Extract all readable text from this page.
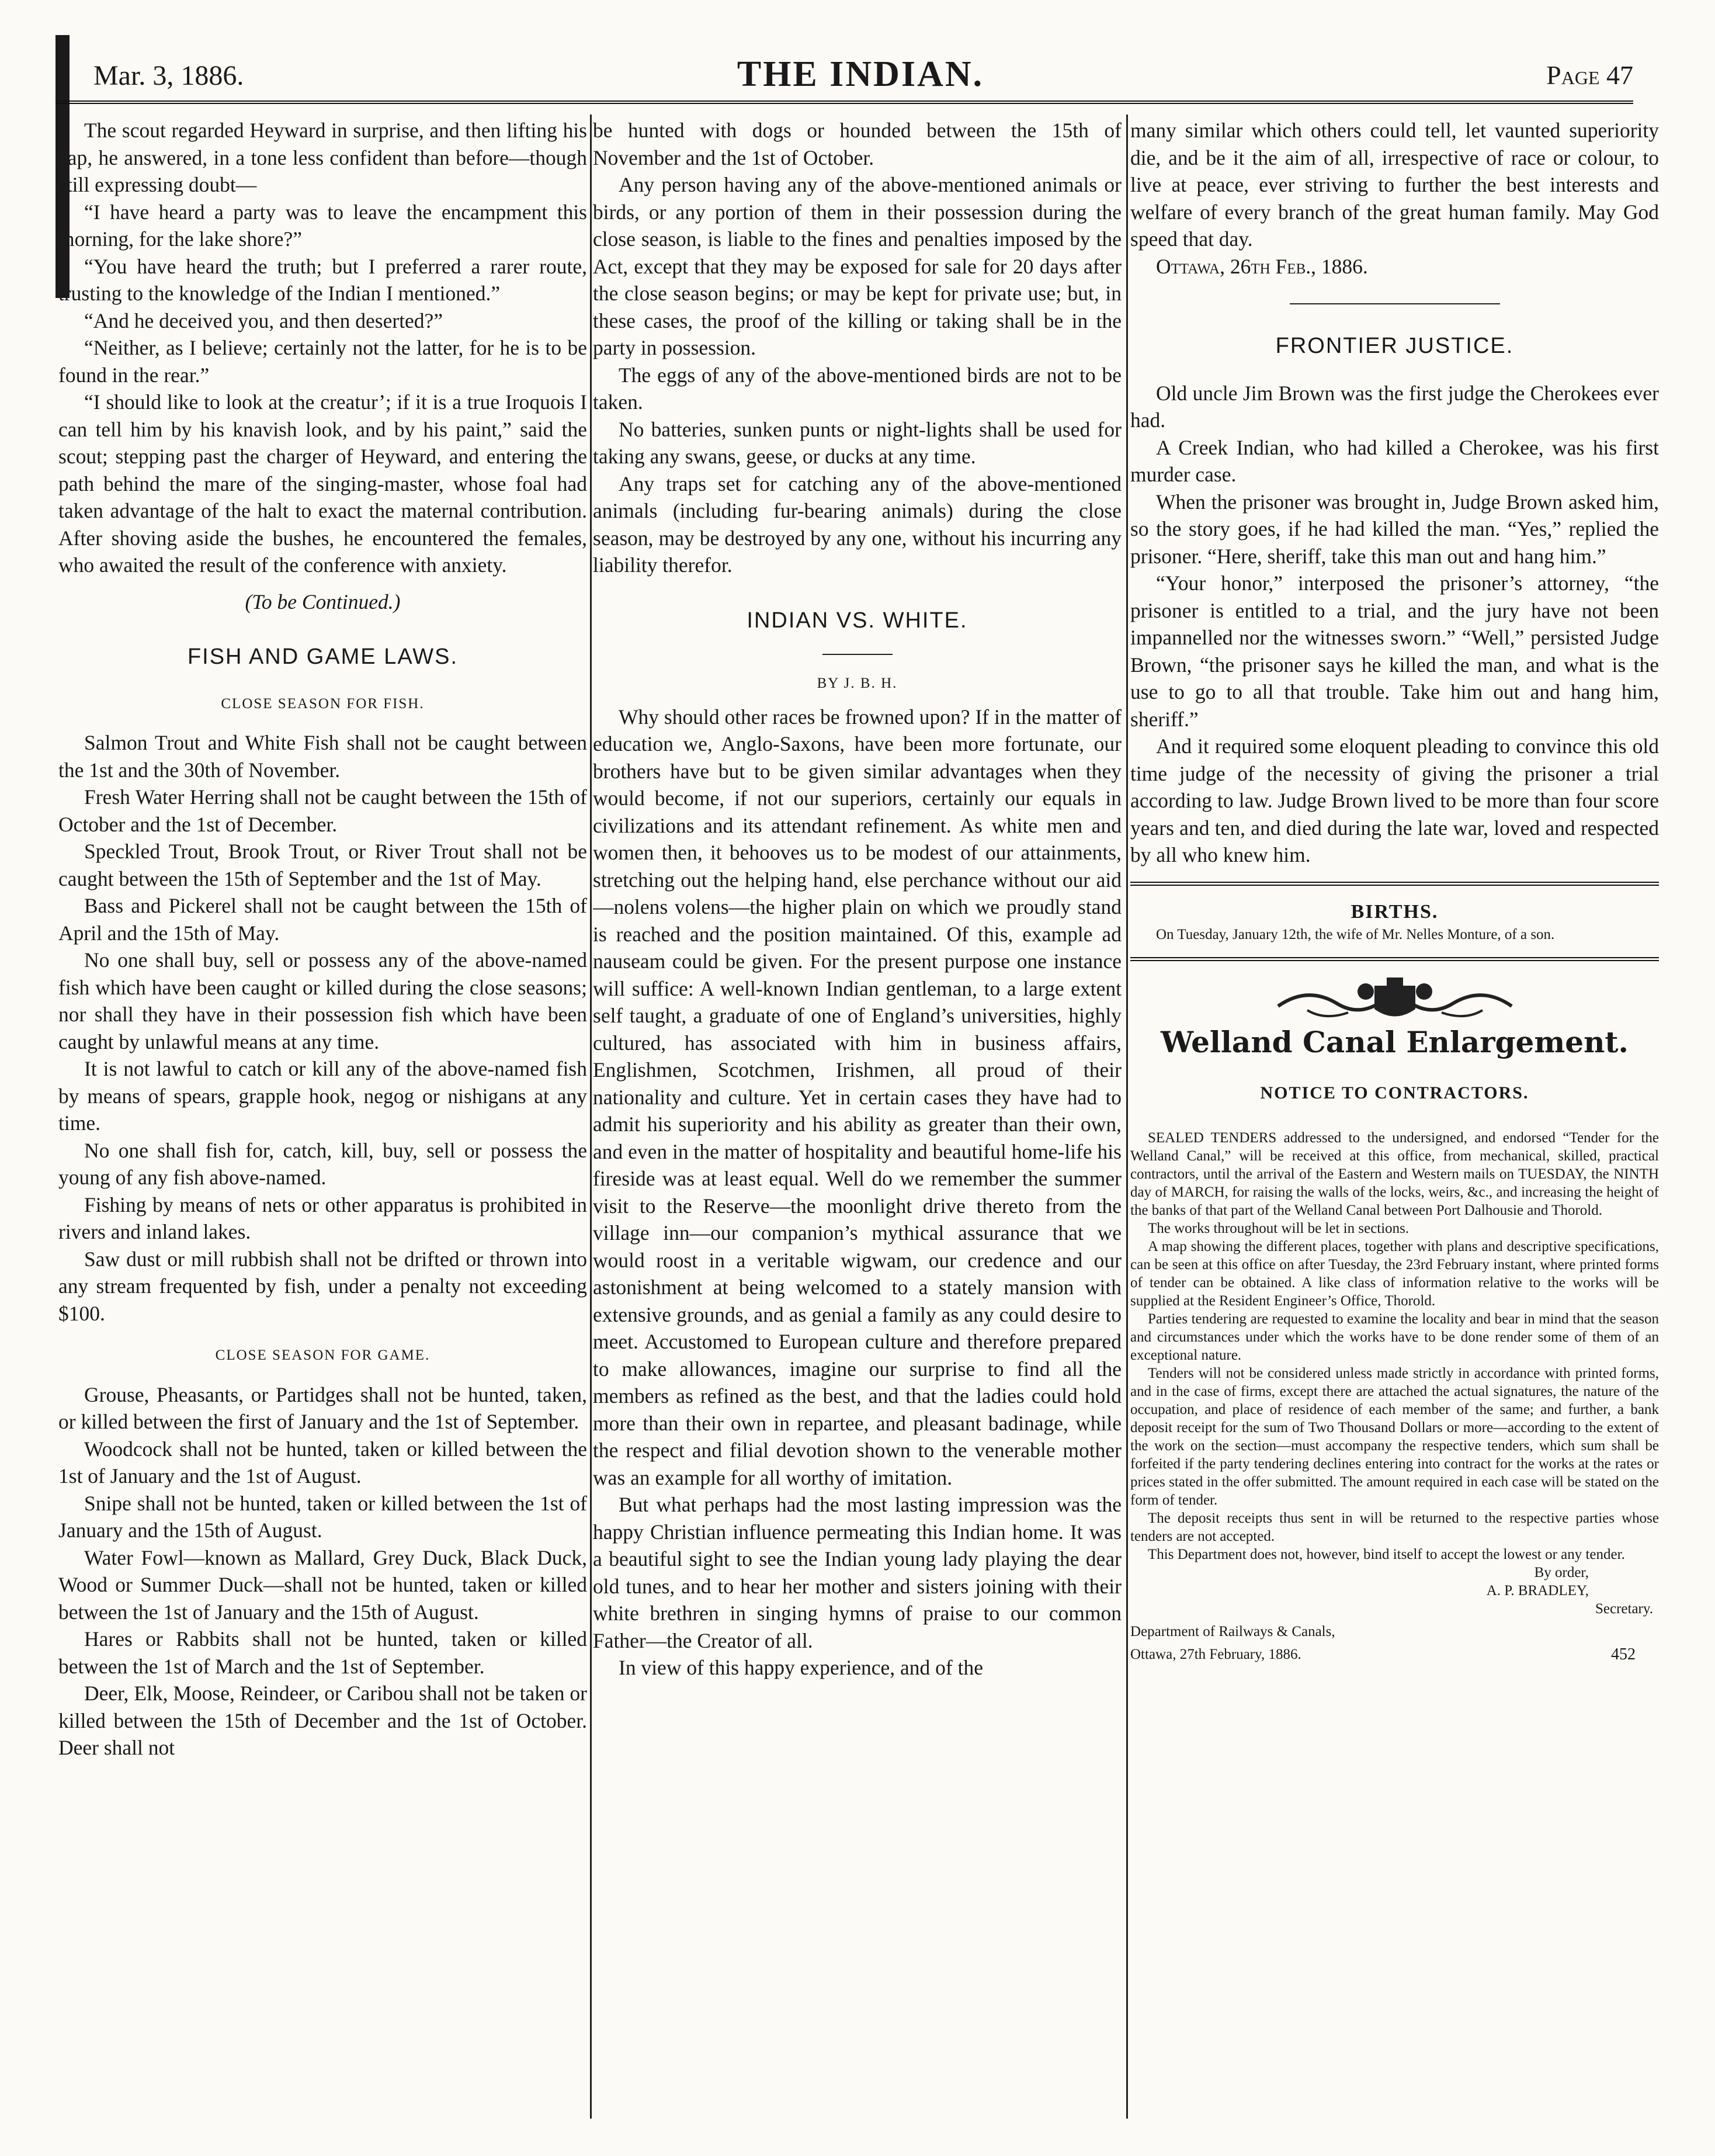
Mar. 3, 1886.	THE INDIAN.	Page 47

The scout regarded Heyward in surprise, and then lifting his cap, he answered, in a tone less confident than before—though still expressing doubt—

“I have heard a party was to leave the encampment this morning, for the lake shore?”

“You have heard the truth; but I preferred a rarer route, trusting to the knowledge of the Indian I mentioned.”

“And he deceived you, and then deserted?”

“Neither, as I believe; certainly not the latter, for he is to be found in the rear.”

“I should like to look at the creatur’; if it is a true Iroquois I can tell him by his knavish look, and by his paint,” said the scout; stepping past the charger of Heyward, and entering the path behind the mare of the singing-master, whose foal had taken advantage of the halt to exact the maternal contribution. After shoving aside the bushes, he encountered the females, who awaited the result of the conference with anxiety.

(To be Continued.)
FISH AND GAME LAWS.
CLOSE SEASON FOR FISH.

Salmon Trout and White Fish shall not be caught between the 1st and the 30th of November.

Fresh Water Herring shall not be caught between the 15th of October and the 1st of December.

Speckled Trout, Brook Trout, or River Trout shall not be caught between the 15th of September and the 1st of May.

Bass and Pickerel shall not be caught between the 15th of April and the 15th of May.

No one shall buy, sell or possess any of the above-named fish which have been caught or killed during the close seasons; nor shall they have in their possession fish which have been caught by unlawful means at any time.

It is not lawful to catch or kill any of the above-named fish by means of spears, grapple hook, negog or nishigans at any time.

No one shall fish for, catch, kill, buy, sell or possess the young of any fish above-named.

Fishing by means of nets or other apparatus is prohibited in rivers and inland lakes.

Saw dust or mill rubbish shall not be drifted or thrown into any stream frequented by fish, under a penalty not exceeding $100.

CLOSE SEASON FOR GAME.

Grouse, Pheasants, or Partidges shall not be hunted, taken, or killed between the first of January and the 1st of September.

Woodcock shall not be hunted, taken or killed between the 1st of January and the 1st of August.

Snipe shall not be hunted, taken or killed between the 1st of January and the 15th of August.

Water Fowl—known as Mallard, Grey Duck, Black Duck, Wood or Summer Duck—shall not be hunted, taken or killed between the 1st of January and the 15th of August.

Hares or Rabbits shall not be hunted, taken or killed between the 1st of March and the 1st of September.

Deer, Elk, Moose, Reindeer, or Caribou shall not be taken or killed between the 15th of December and the 1st of October. Deer shall not

be hunted with dogs or hounded between the 15th of November and the 1st of October.

Any person having any of the above-mentioned animals or birds, or any portion of them in their possession during the close season, is liable to the fines and penalties imposed by the Act, except that they may be exposed for sale for 20 days after the close season begins; or may be kept for private use; but, in these cases, the proof of the killing or taking shall be in the party in possession.

The eggs of any of the above-mentioned birds are not to be taken.

No batteries, sunken punts or night-lights shall be used for taking any swans, geese, or ducks at any time.

Any traps set for catching any of the above-mentioned animals (including fur-bearing animals) during the close season, may be destroyed by any one, without his incurring any liability therefor.

INDIAN VS. WHITE.
BY J. B. H.

Why should other races be frowned upon? If in the matter of education we, Anglo-Saxons, have been more fortunate, our brothers have but to be given similar advantages when they would become, if not our superiors, certainly our equals in civilizations and its attendant refinement. As white men and women then, it behooves us to be modest of our attainments, stretching out the helping hand, else perchance without our aid—nolens volens—the higher plain on which we proudly stand is reached and the position maintained. Of this, example ad nauseam could be given. For the present purpose one instance will suffice: A well-known Indian gentleman, to a large extent self taught, a graduate of one of England’s universities, highly cultured, has associated with him in business affairs, Englishmen, Scotchmen, Irishmen, all proud of their nationality and culture. Yet in certain cases they have had to admit his superiority and his ability as greater than their own, and even in the matter of hospitality and beautiful home-life his fireside was at least equal. Well do we remember the summer visit to the Reserve—the moonlight drive thereto from the village inn—our companion’s mythical assurance that we would roost in a veritable wigwam, our credence and our astonishment at being welcomed to a stately mansion with extensive grounds, and as genial a family as any could desire to meet. Accustomed to European culture and therefore prepared to make allowances, imagine our surprise to find all the members as refined as the best, and that the ladies could hold more than their own in repartee, and pleasant badinage, while the respect and filial devotion shown to the venerable mother was an example for all worthy of imitation.

But what perhaps had the most lasting impression was the happy Christian influence permeating this Indian home. It was a beautiful sight to see the Indian young lady playing the dear old tunes, and to hear her mother and sisters joining with their white brethren in singing hymns of praise to our common Father—the Creator of all.

In view of this happy experience, and of the

many similar which others could tell, let vaunted superiority die, and be it the aim of all, irrespective of race or colour, to live at peace, ever striving to further the best interests and welfare of every branch of the great human family. May God speed that day.

Ottawa, 26th Feb., 1886.

FRONTIER JUSTICE.

Old uncle Jim Brown was the first judge the Cherokees ever had.

A Creek Indian, who had killed a Cherokee, was his first murder case.

When the prisoner was brought in, Judge Brown asked him, so the story goes, if he had killed the man. “Yes,” replied the prisoner. “Here, sheriff, take this man out and hang him.”

“Your honor,” interposed the prisoner’s attorney, “the prisoner is entitled to a trial, and the jury have not been impannelled nor the witnesses sworn.” “Well,” persisted Judge Brown, “the prisoner says he killed the man, and what is the use to go to all that trouble. Take him out and hang him, sheriff.”

And it required some eloquent pleading to convince this old time judge of the necessity of giving the prisoner a trial according to law. Judge Brown lived to be more than four score years and ten, and died during the late war, loved and respected by all who knew him.

BIRTHS.

On Tuesday, January 12th, the wife of Mr. Nelles Monture, of a son.

Welland Canal Enlargement.
NOTICE TO CONTRACTORS.

SEALED TENDERS addressed to the undersigned, and endorsed “Tender for the Welland Canal,” will be received at this office, from mechanical, skilled, practical contractors, until the arrival of the Eastern and Western mails on TUESDAY, the NINTH day of MARCH, for raising the walls of the locks, weirs, &c., and increasing the height of the banks of that part of the Welland Canal between Port Dalhousie and Thorold.

The works throughout will be let in sections.

A map showing the different places, together with plans and descriptive specifications, can be seen at this office on after Tuesday, the 23rd February instant, where printed forms of tender can be obtained. A like class of information relative to the works will be supplied at the Resident Engineer’s Office, Thorold.

Parties tendering are requested to examine the locality and bear in mind that the season and circumstances under which the works have to be done render some of them of an exceptional nature.

Tenders will not be considered unless made strictly in accordance with printed forms, and in the case of firms, except there are attached the actual signatures, the nature of the occupation, and place of residence of each member of the same; and further, a bank deposit receipt for the sum of Two Thousand Dollars or more—according to the extent of the work on the section—must accompany the respective tenders, which sum shall be forfeited if the party tendering declines entering into contract for the works at the rates or prices stated in the offer submitted. The amount required in each case will be stated on the form of tender.

The deposit receipts thus sent in will be returned to the respective parties whose tenders are not accepted.

This Department does not, however, bind itself to accept the lowest or any tender.

By order,

A. P. BRADLEY,

Secretary.

Department of Railways & Canals,

Ottawa, 27th February, 1886.	452
